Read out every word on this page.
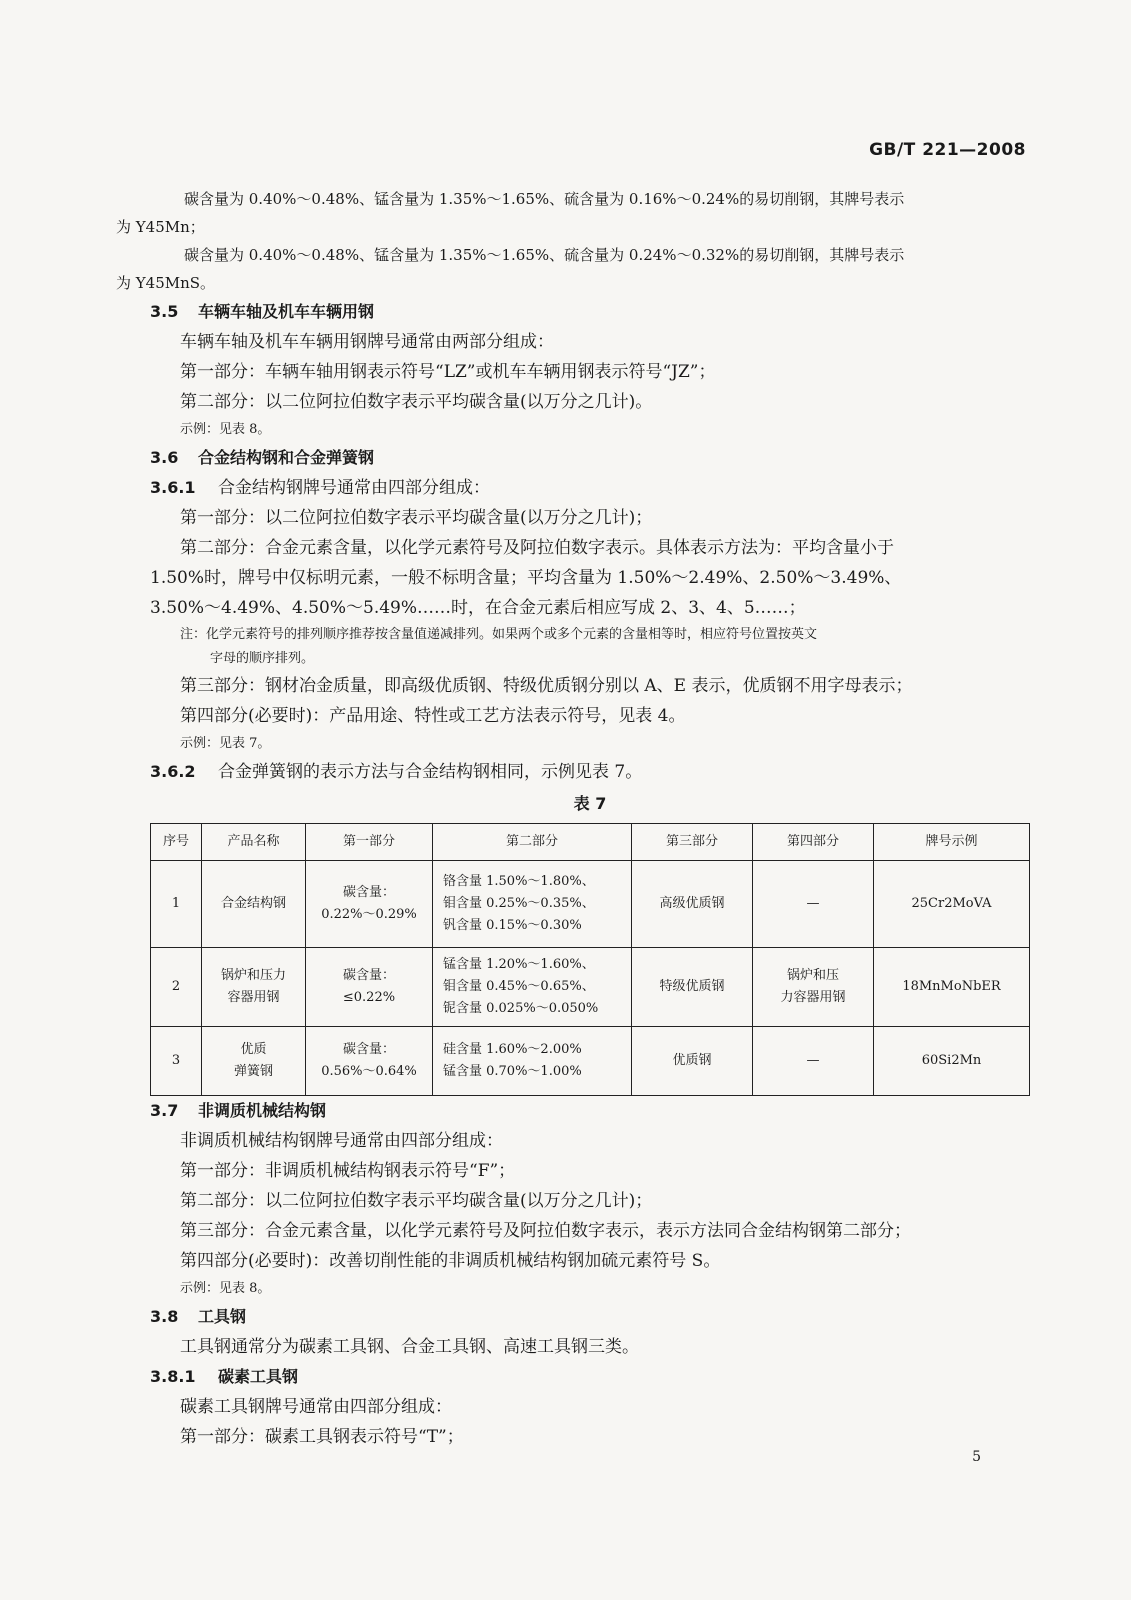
GB/T 221—2008

碳含量为 0.40%～0.48%、锰含量为 1.35%～1.65%、硫含量为 0.16%～0.24%的易切削钢，其牌号表示
为 Y45Mn；

碳含量为 0.40%～0.48%、锰含量为 1.35%～1.65%、硫含量为 0.24%～0.32%的易切削钢，其牌号表示
为 Y45MnS。

3.5 车辆车轴及机车车辆用钢

车辆车轴及机车车辆用钢牌号通常由两部分组成：

第一部分：车辆车轴用钢表示符号“LZ”或机车车辆用钢表示符号“JZ”；

第二部分：以二位阿拉伯数字表示平均碳含量(以万分之几计)。

示例：见表 8。

3.6 合金结构钢和合金弹簧钢
3.6.1 合金结构钢牌号通常由四部分组成：

第一部分：以二位阿拉伯数字表示平均碳含量(以万分之几计)；

第二部分：合金元素含量，以化学元素符号及阿拉伯数字表示。具体表示方法为：平均含量小于
1.50%时，牌号中仅标明元素，一般不标明含量；平均含量为 1.50%～2.49%、2.50%～3.49%、
3.50%～4.49%、4.50%～5.49%……时，在合金元素后相应写成 2、3、4、5……；

注：化学元素符号的排列顺序推荐按含量值递减排列。如果两个或多个元素的含量相等时，相应符号位置按英文
字母的顺序排列。

第三部分：钢材冶金质量，即高级优质钢、特级优质钢分别以 A、E 表示，优质钢不用字母表示；

第四部分(必要时)：产品用途、特性或工艺方法表示符号，见表 4。

示例：见表 7。

3.6.2 合金弹簧钢的表示方法与合金结构钢相同，示例见表 7。
表 7
序号	产品名称	第一部分	第二部分	第三部分	第四部分	牌号示例
1	合金结构钢	碳含量：
0.22%～0.29%	铬含量 1.50%～1.80%、
钼含量 0.25%～0.35%、
钒含量 0.15%～0.30%	高级优质钢	—	25Cr2MoVA
2	锅炉和压力
容器用钢	碳含量：
≤0.22%	锰含量 1.20%～1.60%、
钼含量 0.45%～0.65%、
铌含量 0.025%～0.050%	特级优质钢	锅炉和压
力容器用钢	18MnMoNbER
3	优质
弹簧钢	碳含量：
0.56%～0.64%	硅含量 1.60%～2.00%
锰含量 0.70%～1.00%	优质钢	—	60Si2Mn
3.7 非调质机械结构钢

非调质机械结构钢牌号通常由四部分组成：

第一部分：非调质机械结构钢表示符号“F”；

第二部分：以二位阿拉伯数字表示平均碳含量(以万分之几计)；

第三部分：合金元素含量，以化学元素符号及阿拉伯数字表示，表示方法同合金结构钢第二部分；

第四部分(必要时)：改善切削性能的非调质机械结构钢加硫元素符号 S。

示例：见表 8。

3.8 工具钢

工具钢通常分为碳素工具钢、合金工具钢、高速工具钢三类。

3.8.1 碳素工具钢

碳素工具钢牌号通常由四部分组成：

第一部分：碳素工具钢表示符号“T”；

5
